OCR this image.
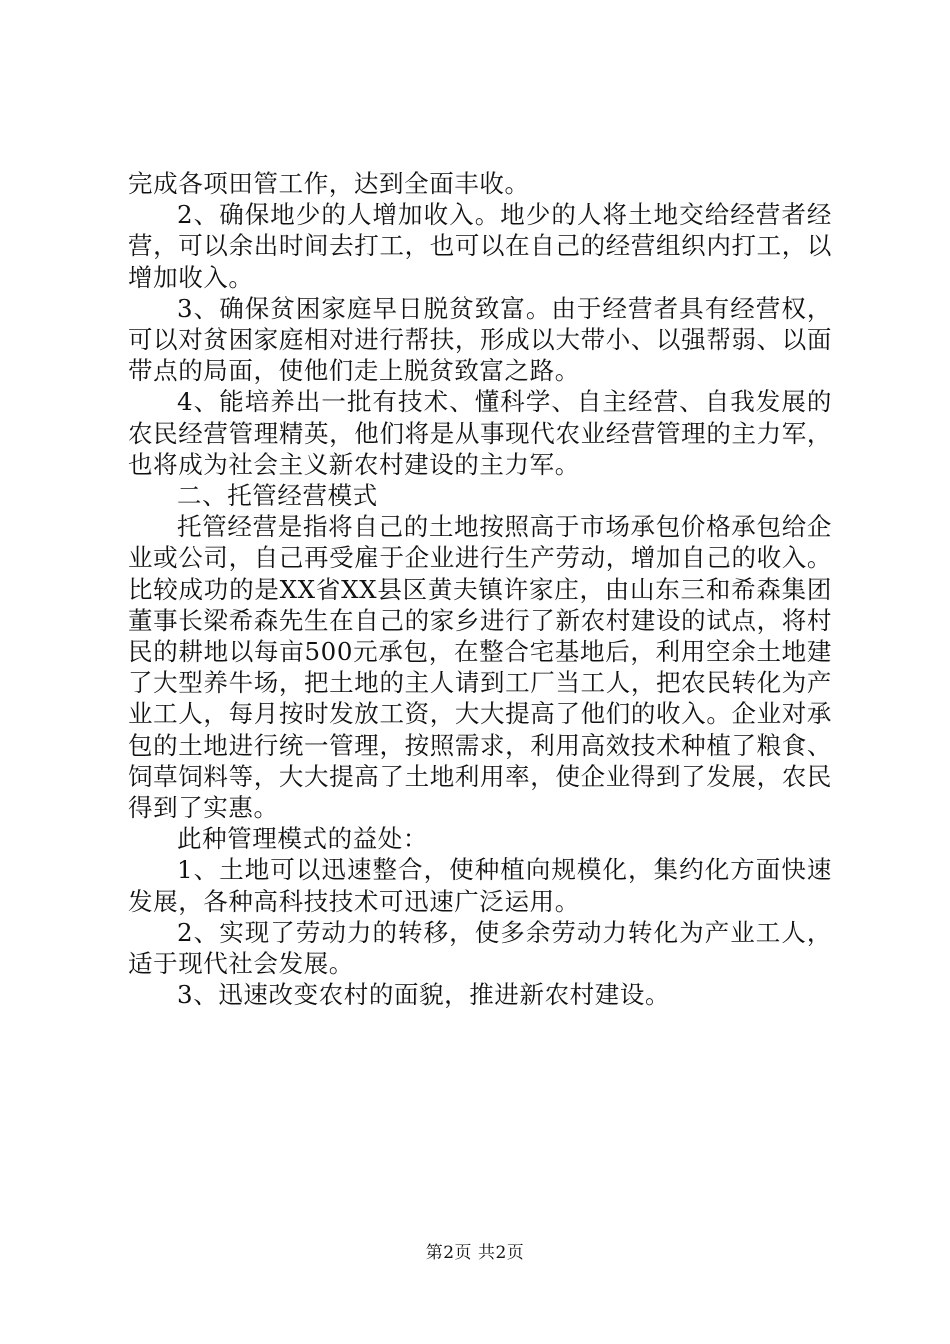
完成各项田管工作，达到全面丰收。

2、确保地少的人增加收入。地少的人将土地交给经营者经营，可以余出时间去打工，也可以在自己的经营组织内打工，以增加收入。

3、确保贫困家庭早日脱贫致富。由于经营者具有经营权，可以对贫困家庭相对进行帮扶，形成以大带小、以强帮弱、以面带点的局面，使他们走上脱贫致富之路。

4、能培养出一批有技术、懂科学、自主经营、自我发展的农民经营管理精英，他们将是从事现代农业经营管理的主力军，也将成为社会主义新农村建设的主力军。

二、托管经营模式

托管经营是指将自己的土地按照高于市场承包价格承包给企业或公司，自己再受雇于企业进行生产劳动，增加自己的收入。比较成功的是XX省XX县区黄夫镇许家庄，由山东三和希森集团董事长梁希森先生在自己的家乡进行了新农村建设的试点，将村民的耕地以每亩500元承包，在整合宅基地后，利用空余土地建了大型养牛场，把土地的主人请到工厂当工人，把农民转化为产业工人，每月按时发放工资，大大提高了他们的收入。企业对承包的土地进行统一管理，按照需求，利用高效技术种植了粮食、饲草饲料等，大大提高了土地利用率，使企业得到了发展，农民得到了实惠。

此种管理模式的益处：

1、土地可以迅速整合，使种植向规模化，集约化方面快速发展，各种高科技技术可迅速广泛运用。

2、实现了劳动力的转移，使多余劳动力转化为产业工人，适于现代社会发展。

3、迅速改变农村的面貌，推进新农村建设。

第2页 共2页
